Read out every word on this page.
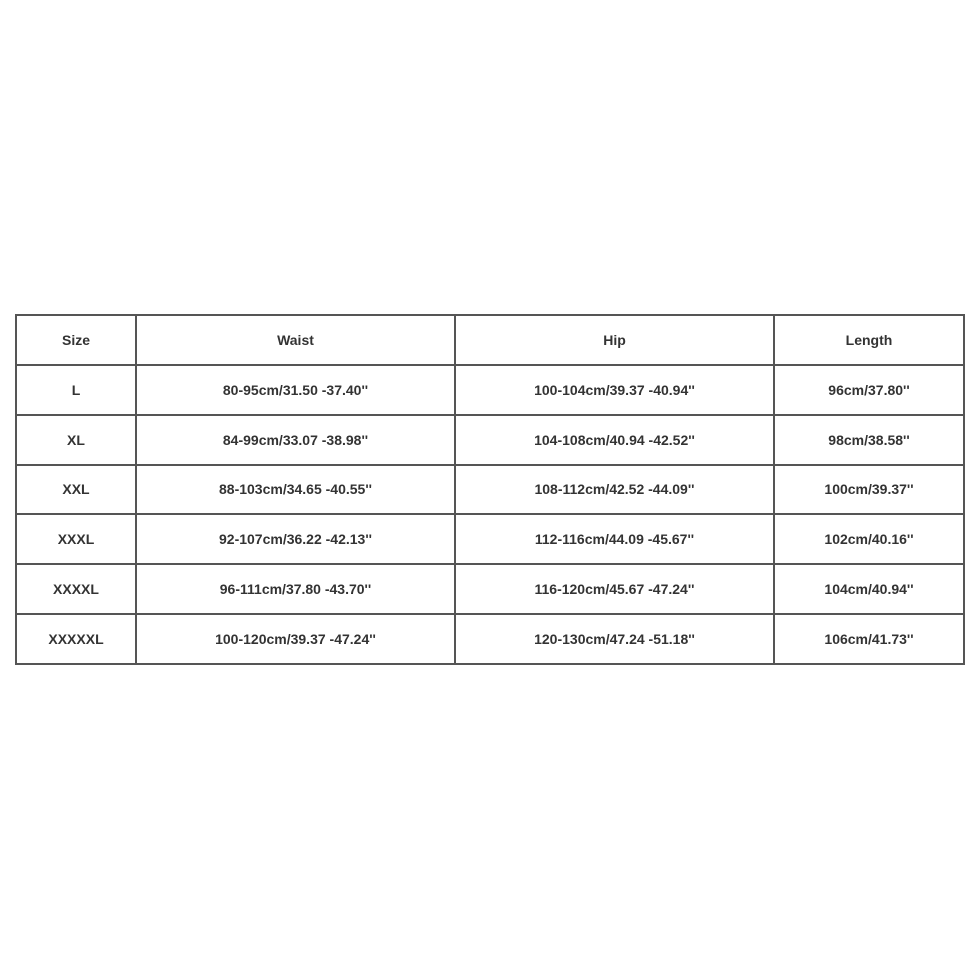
Size	Waist	Hip	Length
L	80-95cm/31.50 -37.40''	100-104cm/39.37 -40.94''	96cm/37.80''
XL	84-99cm/33.07 -38.98''	104-108cm/40.94 -42.52''	98cm/38.58''
XXL	88-103cm/34.65 -40.55''	108-112cm/42.52 -44.09''	100cm/39.37''
XXXL	92-107cm/36.22 -42.13''	112-116cm/44.09 -45.67''	102cm/40.16''
XXXXL	96-111cm/37.80 -43.70''	116-120cm/45.67 -47.24''	104cm/40.94''
XXXXXL	100-120cm/39.37 -47.24''	120-130cm/47.24 -51.18''	106cm/41.73''
